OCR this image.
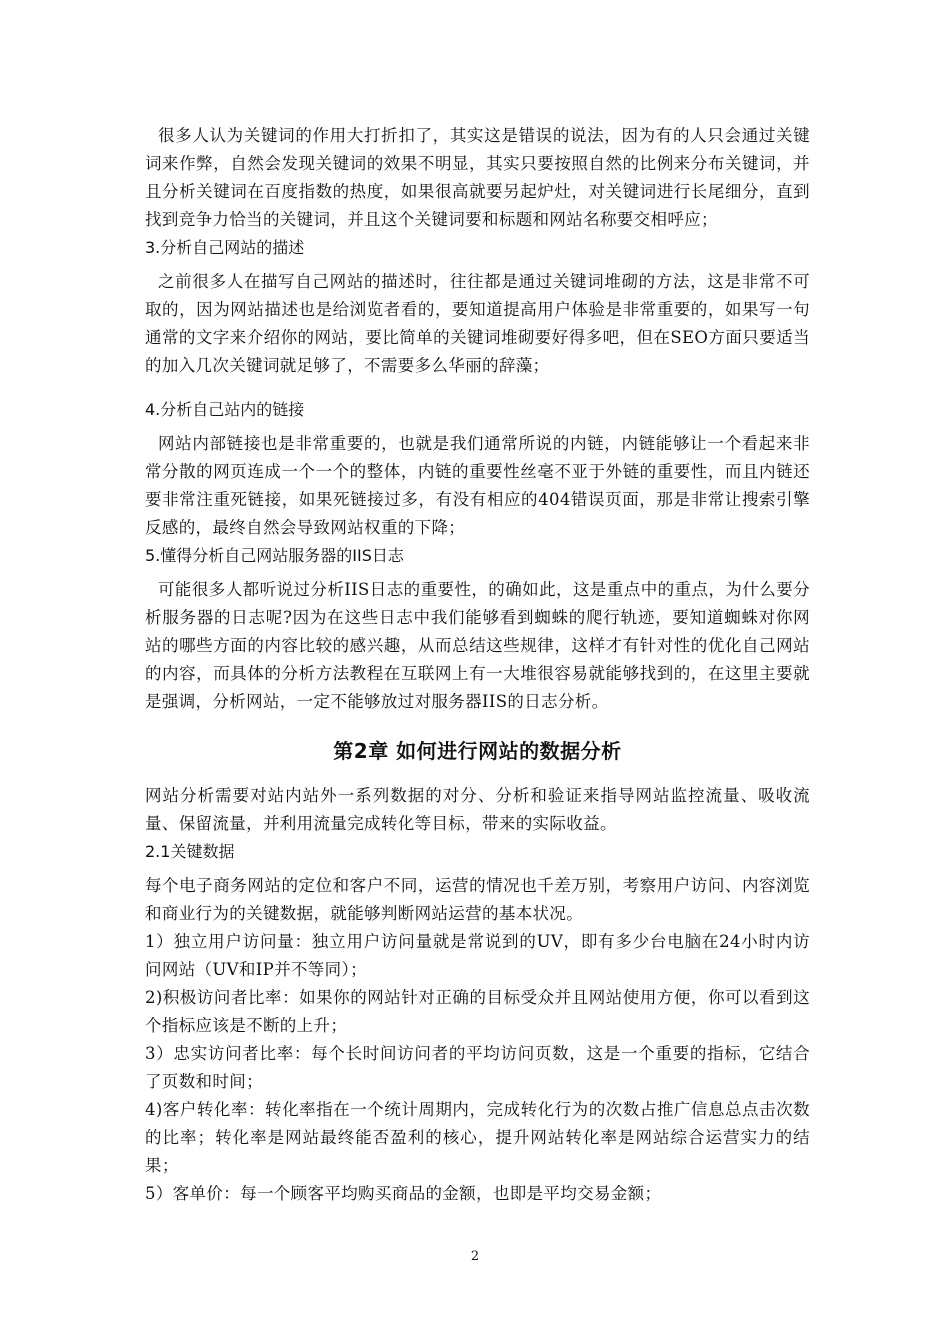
很多人认为关键词的作用大打折扣了，其实这是错误的说法，因为有的人只会通过关键词来作弊，自然会发现关键词的效果不明显，其实只要按照自然的比例来分布关键词，并且分析关键词在百度指数的热度，如果很高就要另起炉灶，对关键词进行长尾细分，直到找到竞争力恰当的关键词，并且这个关键词要和标题和网站名称要交相呼应；

3.分析自己网站的描述

之前很多人在描写自己网站的描述时，往往都是通过关键词堆砌的方法，这是非常不可取的，因为网站描述也是给浏览者看的，要知道提高用户体验是非常重要的，如果写一句通常的文字来介绍你的网站，要比简单的关键词堆砌要好得多吧，但在SEO方面只要适当的加入几次关键词就足够了，不需要多么华丽的辞藻；

4.分析自己站内的链接

网站内部链接也是非常重要的，也就是我们通常所说的内链，内链能够让一个看起来非常分散的网页连成一个一个的整体，内链的重要性丝毫不亚于外链的重要性，而且内链还要非常注重死链接，如果死链接过多，有没有相应的404错误页面，那是非常让搜索引擎反感的，最终自然会导致网站权重的下降；

5.懂得分析自己网站服务器的IIS日志

可能很多人都听说过分析IIS日志的重要性，的确如此，这是重点中的重点，为什么要分析服务器的日志呢?因为在这些日志中我们能够看到蜘蛛的爬行轨迹，要知道蜘蛛对你网站的哪些方面的内容比较的感兴趣，从而总结这些规律，这样才有针对性的优化自己网站的内容，而具体的分析方法教程在互联网上有一大堆很容易就能够找到的，在这里主要就是强调，分析网站，一定不能够放过对服务器IIS的日志分析。

第2章 如何进行网站的数据分析

网站分析需要对站内站外一系列数据的对分、分析和验证来指导网站监控流量、吸收流量、保留流量，并利用流量完成转化等目标，带来的实际收益。

2.1关键数据

每个电子商务网站的定位和客户不同，运营的情况也千差万别，考察用户访问、内容浏览和商业行为的关键数据，就能够判断网站运营的基本状况。

1）独立用户访问量：独立用户访问量就是常说到的UV，即有多少台电脑在24小时内访问网站（UV和IP并不等同）；

2)积极访问者比率：如果你的网站针对正确的目标受众并且网站使用方便，你可以看到这个指标应该是不断的上升；

3）忠实访问者比率：每个长时间访问者的平均访问页数，这是一个重要的指标，它结合了页数和时间；

4)客户转化率：转化率指在一个统计周期内，完成转化行为的次数占推广信息总点击次数的比率；转化率是网站最终能否盈利的核心，提升网站转化率是网站综合运营实力的结果；

5）客单价：每一个顾客平均购买商品的金额，也即是平均交易金额；

2
